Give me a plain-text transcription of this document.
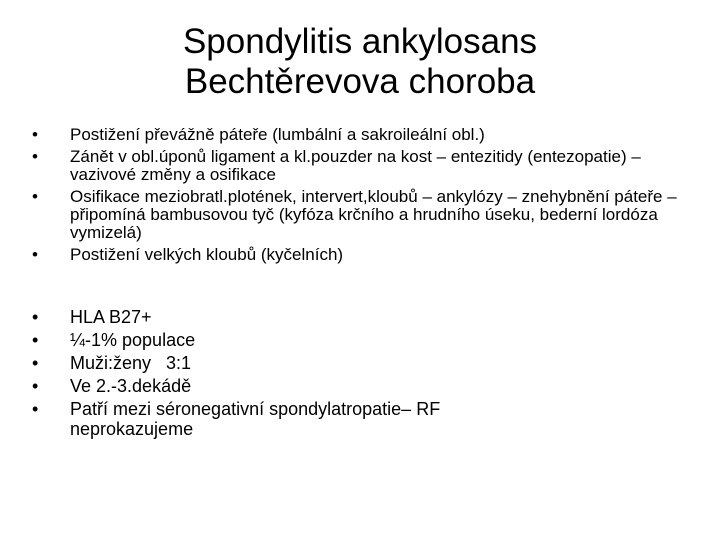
Spondylitis ankylosans
Bechtěrevova choroba
•	Postižení převážně páteře (lumbální a sakroileální obl.)
•	Zánět v obl.úponů ligament a kl.pouzder na kost – entezitidy (entezopatie) – vazivové změny a osifikace
•	Osifikace meziobratl.plotének, intervert,kloubů – ankylózy – znehybnění páteře – připomíná bambusovou tyč (kyfóza krčního a hrudního úseku, bederní lordóza vymizelá)
•	Postižení velkých kloubů (kyčelních)
•	HLA B27+
•	¼-1% populace
•	Muži:ženy   3:1
•	Ve 2.-3.dekádě
•	Patří mezi séronegativní spondylatropatie– RF neprokazujeme
